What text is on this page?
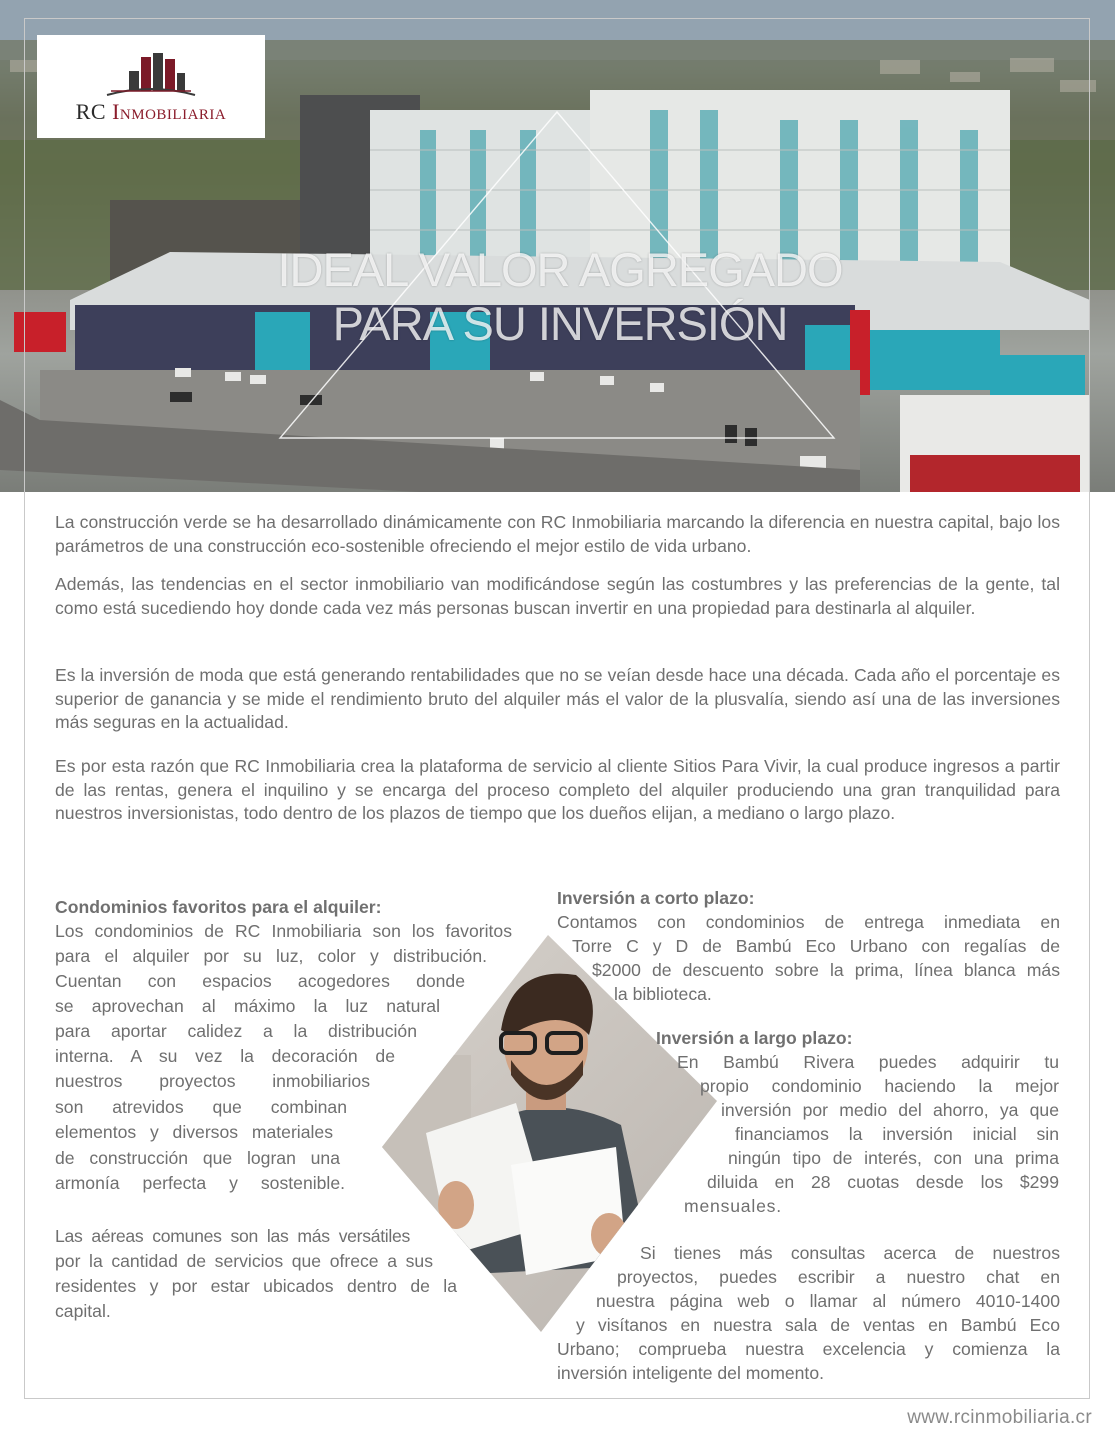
RC Inmobiliaria
IDEAL VALOR AGREGADO
PARA SU INVERSIÓN

La construcción verde se ha desarrollado dinámicamente con RC Inmobiliaria marcando la diferencia en nuestra capital, bajo los parámetros de una construcción eco-sostenible ofreciendo el mejor estilo de vida urbano.

Además, las tendencias en el sector inmobiliario van modificándose según las costumbres y las preferencias de la gente, tal como está sucediendo hoy donde cada vez más personas buscan invertir en una propiedad para destinarla al alquiler.

Es la inversión de moda que está generando rentabilidades que no se veían desde hace una década. Cada año el porcentaje es superior de ganancia y se mide el rendimiento bruto del alquiler más el valor de la plusvalía, siendo así una de las inversiones más seguras en la actualidad.

Es por esta razón que RC Inmobiliaria crea la plataforma de servicio al cliente Sitios Para Vivir, la cual produce ingresos a partir de las rentas, genera el inquilino y se encarga del proceso completo del alquiler produciendo una gran tranquilidad para nuestros inversionistas, todo dentro de los plazos de tiempo que los dueños elijan, a mediano o largo plazo.

Condominios favoritos para el alquiler:
Los condominios de RC Inmobiliaria son los favoritos
para el alquiler por su luz, color y distribución.
Cuentan con espacios acogedores donde
se aprovechan al máximo la luz natural
para aportar calidez a la distribución
interna. A su vez la decoración de
nuestros proyectos inmobiliarios
son atrevidos que combinan
elementos y diversos materiales
de construcción que logran una
armonía perfecta y sostenible.
Las aéreas comunes son las más versátiles
por la cantidad de servicios que ofrece a sus
residentes y por estar ubicados dentro de la
capital.
Inversión a corto plazo:
Contamos con condominios de entrega inmediata en
Torre C y D de Bambú Eco Urbano con regalías de
$2000 de descuento sobre la prima, línea blanca más
la biblioteca.
Inversión a largo plazo:
En Bambú Rivera puedes adquirir tu
propio condominio haciendo la mejor
inversión por medio del ahorro, ya que
financiamos la inversión inicial sin
ningún tipo de interés, con una prima
diluida en 28 cuotas desde los $299
mensuales.
Si tienes más consultas acerca de nuestros
proyectos, puedes escribir a nuestro chat en
nuestra página web o llamar al número 4010-1400
y visítanos en nuestra sala de ventas en Bambú Eco
Urbano; comprueba nuestra excelencia y comienza la
inversión inteligente del momento.
www.rcinmobiliaria.cr
